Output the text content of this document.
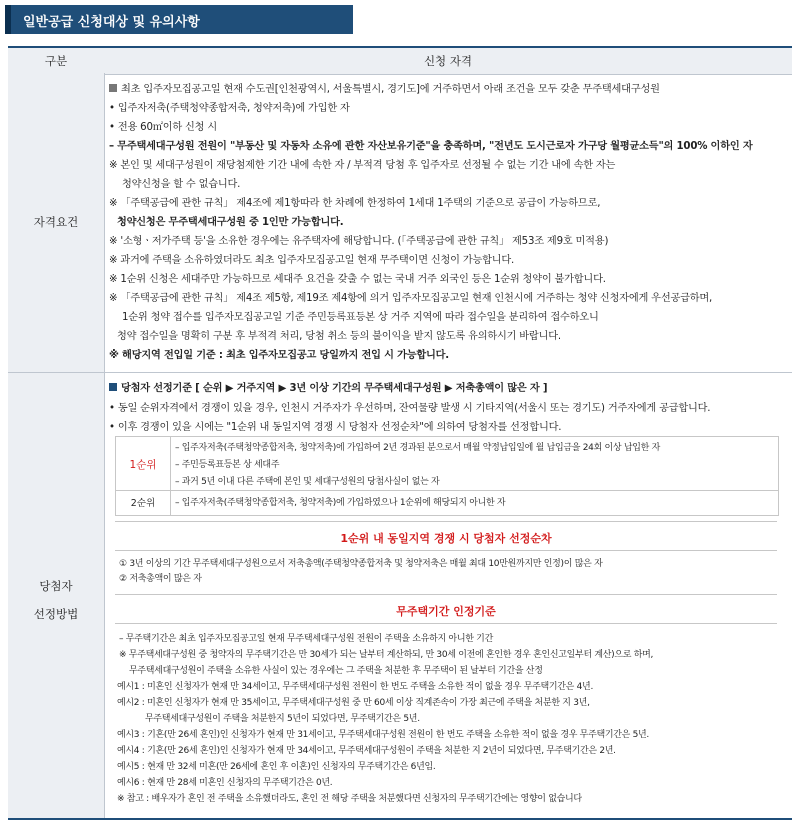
일반공급 신청대상 및 유의사항
구분	신청 자격
자격요건
당첨자
선정방법
최초 입주자모집공고일 현재 수도권[인천광역시, 서울특별시, 경기도]에 거주하면서 아래 조건을 모두 갖춘 무주택세대구성원
• 입주자저축(주택청약종합저축, 청약저축)에 가입한 자
• 전용 60㎡이하 신청 시
– 무주택세대구성원 전원이 "부동산 및 자동차 소유에 관한 자산보유기준"을 충족하며, "전년도 도시근로자 가구당 월평균소득"의 100% 이하인 자
※ 본인 및 세대구성원이 재당첨제한 기간 내에 속한 자 / 부적격 당첨 후 입주자로 선정될 수 없는 기간 내에 속한 자는
청약신청을 할 수 없습니다.
※ 「주택공급에 관한 규칙」 제4조에 제1항따라 한 차례에 한정하여 1세대 1주택의 기준으로 공급이 가능하므로,
청약신청은 무주택세대구성원 중 1인만 가능합니다.
※ '소형ㆍ저가주택 등'을 소유한 경우에는 유주택자에 해당합니다. (「주택공급에 관한 규칙」 제53조 제9호 미적용)
※ 과거에 주택을 소유하였더라도 최초 입주자모집공고일 현재 무주택이면 신청이 가능합니다.
※ 1순위 신청은 세대주만 가능하므로 세대주 요건을 갖출 수 없는 국내 거주 외국인 등은 1순위 청약이 불가합니다.
※ 「주택공급에 관한 규칙」 제4조 제5항, 제19조 제4항에 의거 입주자모집공고일 현재 인천시에 거주하는 청약 신청자에게 우선공급하며,
1순위 청약 접수를 입주자모집공고일 기준 주민등록표등본 상 거주 지역에 따라 접수일을 분리하여 접수하오니
청약 접수일을 명확히 구분 후 부적격 처리, 당첨 취소 등의 불이익을 받지 않도록 유의하시기 바랍니다.
※ 해당지역 전입일 기준 : 최초 입주자모집공고 당일까지 전입 시 가능합니다.
당첨자 선정기준 [ 순위 ▶ 거주지역 ▶ 3년 이상 기간의 무주택세대구성원 ▶ 저축총액이 많은 자 ]
• 동일 순위자격에서 경쟁이 있을 경우, 인천시 거주자가 우선하며, 잔여물량 발생 시 기타지역(서울시 또는 경기도) 거주자에게 공급합니다.
• 이후 경쟁이 있을 시에는 "1순위 내 동일지역 경쟁 시 당첨자 선정순차"에 의하여 당첨자를 선정합니다.
1순위
– 입주자저축(주택청약종합저축, 청약저축)에 가입하여 2년 경과된 분으로서 매월 약정납입일에 월 납입금을 24회 이상 납입한 자
– 주민등록표등본 상 세대주
– 과거 5년 이내 다른 주택에 본인 및 세대구성원의 당첨사실이 없는 자
2순위	– 입주자저축(주택청약종합저축, 청약저축)에 가입하였으나 1순위에 해당되지 아니한 자
1순위 내 동일지역 경쟁 시 당첨자 선정순차
① 3년 이상의 기간 무주택세대구성원으로서 저축총액(주택청약종합저축 및 청약저축은 매월 최대 10만원까지만 인정)이 많은 자
② 저축총액이 많은 자
무주택기간 인정기준
– 무주택기간은 최초 입주자모집공고일 현재 무주택세대구성원 전원이 주택을 소유하지 아니한 기간
※ 무주택세대구성원 중 청약자의 무주택기간은 만 30세가 되는 날부터 계산하되, 만 30세 이전에 혼인한 경우 혼인신고일부터 계산)으로 하며,
무주택세대구성원이 주택을 소유한 사실이 있는 경우에는 그 주택을 처분한 후 무주택이 된 날부터 기간을 산정
예시1 : 미혼인 신청자가 현재 만 34세이고, 무주택세대구성원 전원이 한 번도 주택을 소유한 적이 없을 경우 무주택기간은 4년.
예시2 : 미혼인 신청자가 현재 만 35세이고, 무주택세대구성원 중 만 60세 이상 직계존속이 가장 최근에 주택을 처분한 지 3년,
무주택세대구성원이 주택을 처분한지 5년이 되었다면, 무주택기간은 5년.
예시3 : 기혼(만 26세 혼인)인 신청자가 현재 만 31세이고, 무주택세대구성원 전원이 한 번도 주택을 소유한 적이 없을 경우 무주택기간은 5년.
예시4 : 기혼(만 26세 혼인)인 신청자가 현재 만 34세이고, 무주택세대구성원이 주택을 처분한 지 2년이 되었다면, 무주택기간은 2년.
예시5 : 현재 만 32세 미혼(만 26세에 혼인 후 이혼)인 신청자의 무주택기간은 6년임.
예시6 : 현재 만 28세 미혼인 신청자의 무주택기간은 0년.
※ 참고 : 배우자가 혼인 전 주택을 소유했더라도, 혼인 전 해당 주택을 처분했다면 신청자의 무주택기간에는 영향이 없습니다
